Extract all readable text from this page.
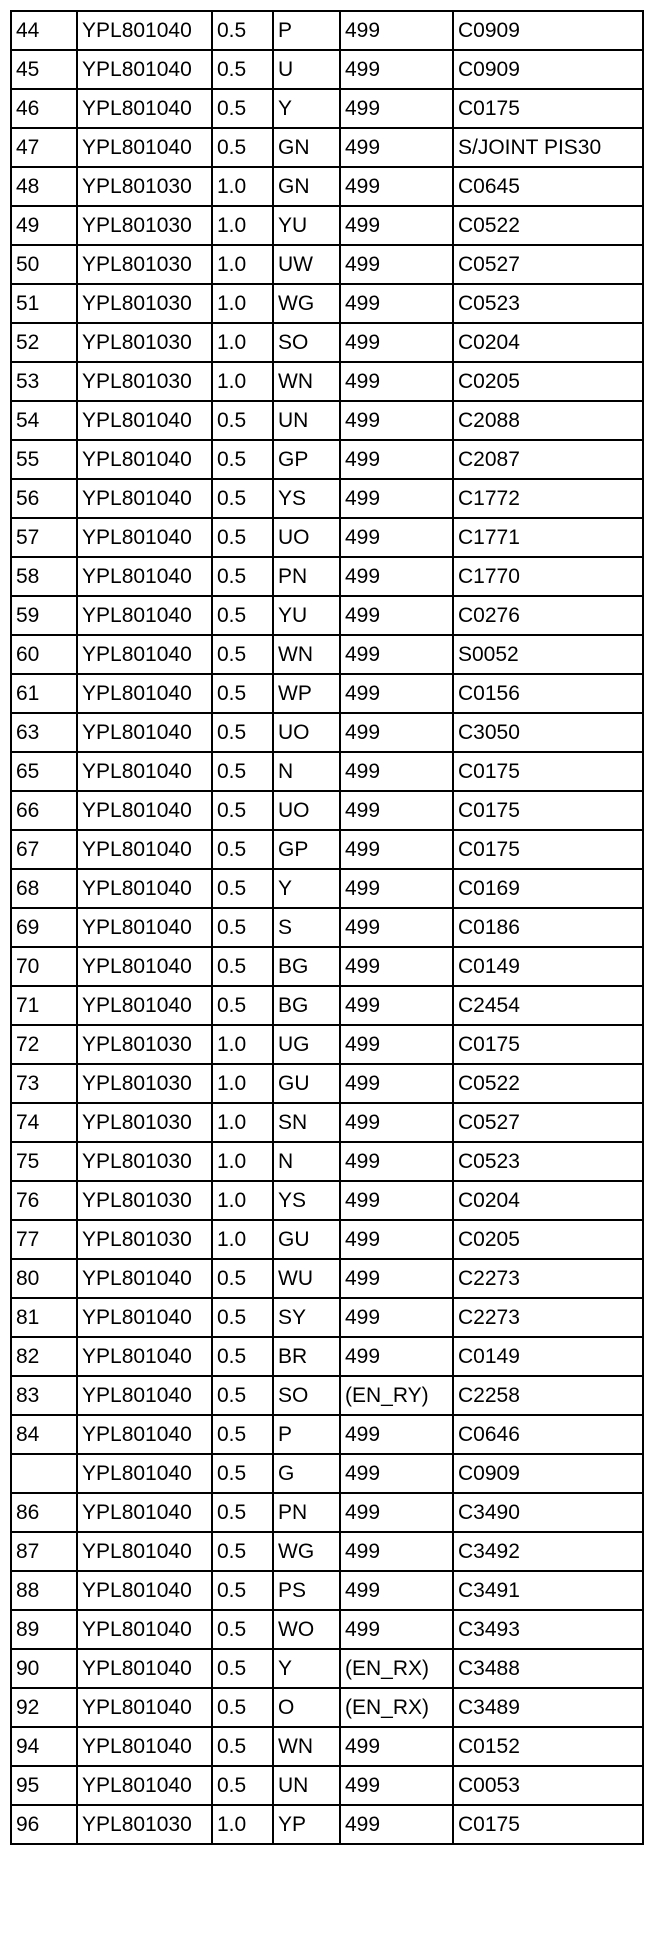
44	YPL801040	0.5	P	499	C0909
45	YPL801040	0.5	U	499	C0909
46	YPL801040	0.5	Y	499	C0175
47	YPL801040	0.5	GN	499	S/JOINT PIS30
48	YPL801030	1.0	GN	499	C0645
49	YPL801030	1.0	YU	499	C0522
50	YPL801030	1.0	UW	499	C0527
51	YPL801030	1.0	WG	499	C0523
52	YPL801030	1.0	SO	499	C0204
53	YPL801030	1.0	WN	499	C0205
54	YPL801040	0.5	UN	499	C2088
55	YPL801040	0.5	GP	499	C2087
56	YPL801040	0.5	YS	499	C1772
57	YPL801040	0.5	UO	499	C1771
58	YPL801040	0.5	PN	499	C1770
59	YPL801040	0.5	YU	499	C0276
60	YPL801040	0.5	WN	499	S0052
61	YPL801040	0.5	WP	499	C0156
63	YPL801040	0.5	UO	499	C3050
65	YPL801040	0.5	N	499	C0175
66	YPL801040	0.5	UO	499	C0175
67	YPL801040	0.5	GP	499	C0175
68	YPL801040	0.5	Y	499	C0169
69	YPL801040	0.5	S	499	C0186
70	YPL801040	0.5	BG	499	C0149
71	YPL801040	0.5	BG	499	C2454
72	YPL801030	1.0	UG	499	C0175
73	YPL801030	1.0	GU	499	C0522
74	YPL801030	1.0	SN	499	C0527
75	YPL801030	1.0	N	499	C0523
76	YPL801030	1.0	YS	499	C0204
77	YPL801030	1.0	GU	499	C0205
80	YPL801040	0.5	WU	499	C2273
81	YPL801040	0.5	SY	499	C2273
82	YPL801040	0.5	BR	499	C0149
83	YPL801040	0.5	SO	(EN_RY)	C2258
84	YPL801040	0.5	P	499	C0646
	YPL801040	0.5	G	499	C0909
86	YPL801040	0.5	PN	499	C3490
87	YPL801040	0.5	WG	499	C3492
88	YPL801040	0.5	PS	499	C3491
89	YPL801040	0.5	WO	499	C3493
90	YPL801040	0.5	Y	(EN_RX)	C3488
92	YPL801040	0.5	O	(EN_RX)	C3489
94	YPL801040	0.5	WN	499	C0152
95	YPL801040	0.5	UN	499	C0053
96	YPL801030	1.0	YP	499	C0175
